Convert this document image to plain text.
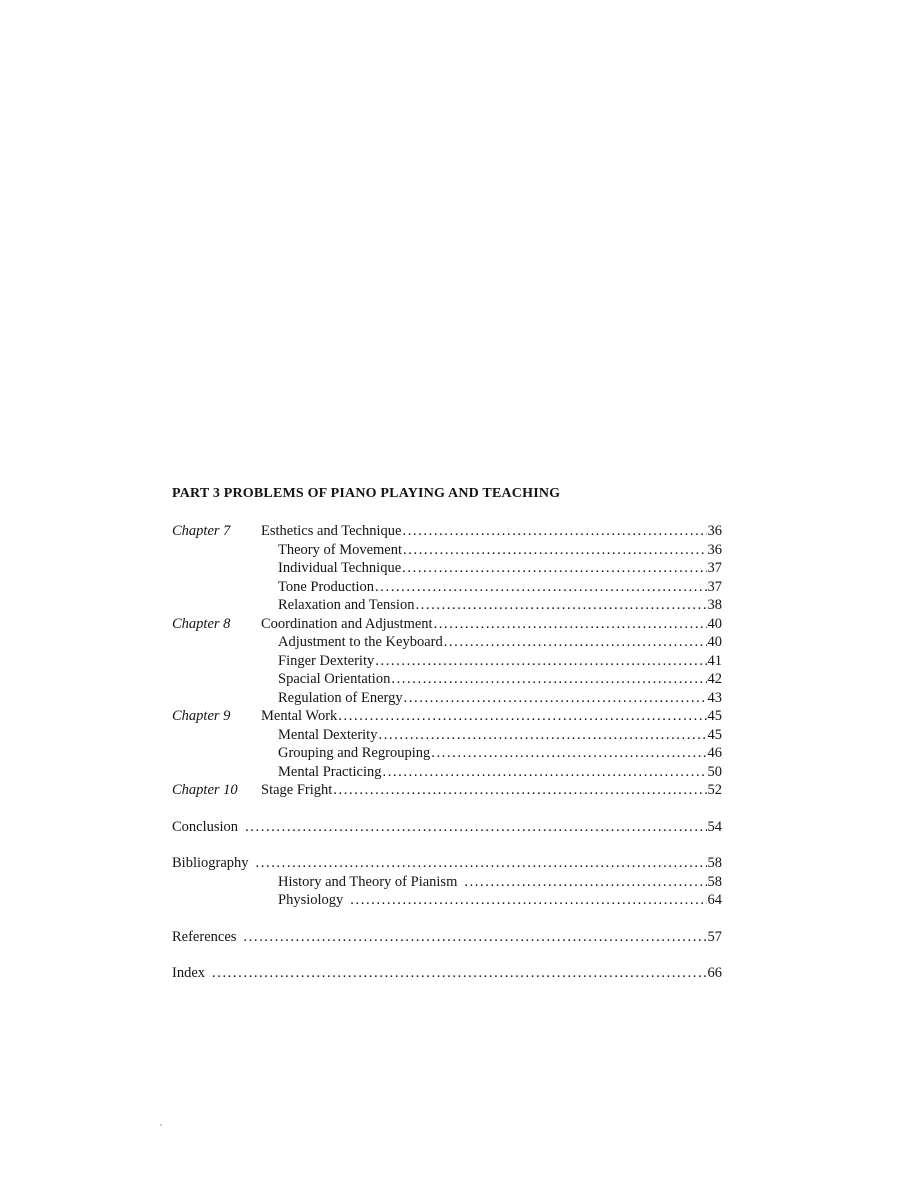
PART 3 PROBLEMS OF PIANO PLAYING AND TEACHING
Chapter 7	Esthetics and Technique .....	36
Theory of Movement .....	36
Individual Technique .....	37
Tone Production .....	37
Relaxation and Tension .....	38
Chapter 8	Coordination and Adjustment .....	40
Adjustment to the Keyboard .....	40
Finger Dexterity .....	41
Spacial Orientation .....	42
Regulation of Energy .....	43
Chapter 9	Mental Work .....	45
Mental Dexterity .....	45
Grouping and Regrouping .....	46
Mental Practicing .....	50
Chapter 10	Stage Fright .....	52
Conclusion .....	54
Bibliography .....	58
History and Theory of Pianism .....	58
Physiology .....	64
References .....	57
Index .....	66
